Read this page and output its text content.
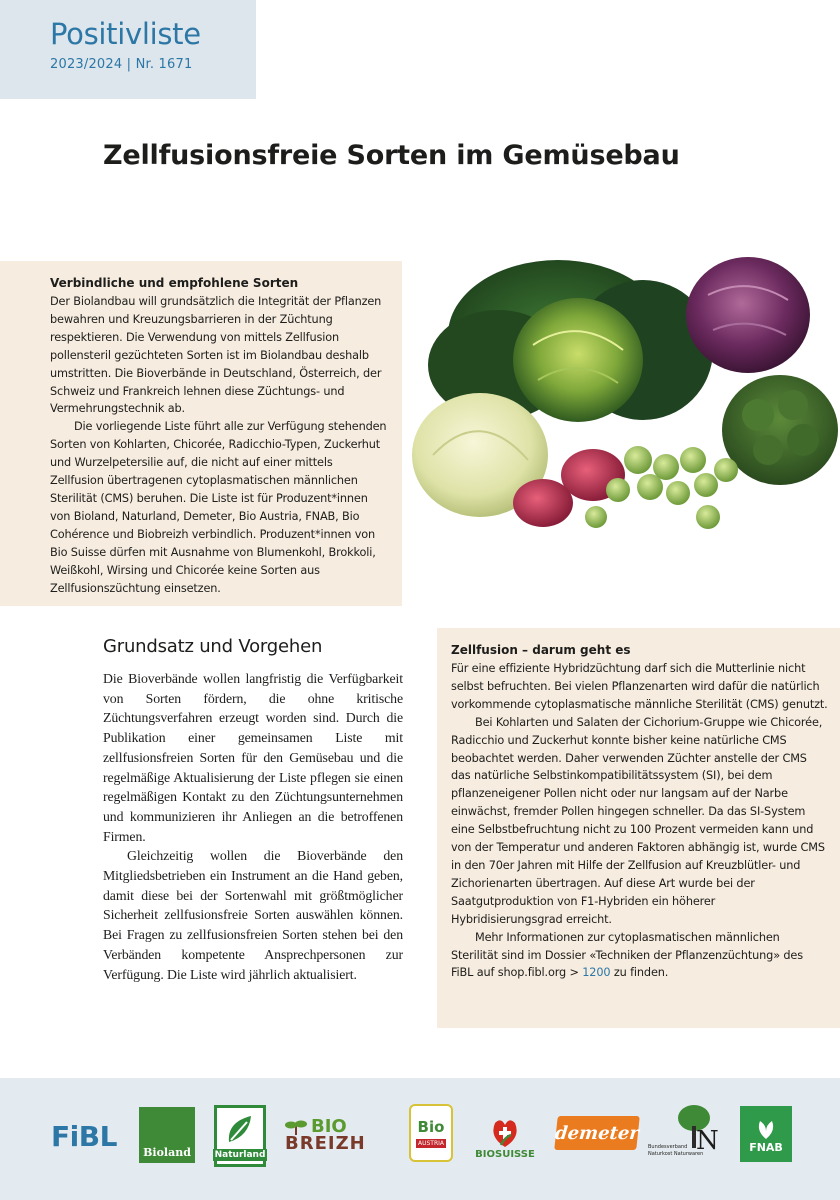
Positivliste
2023/2024 | Nr. 1671
Zellfusionsfreie Sorten im Gemüsebau
Verbindliche und empfohlene Sorten

Der Biolandbau will grundsätzlich die Integrität der Pflanzen bewahren und Kreuzungsbarrieren in der Züchtung respektieren. Die Verwendung von mittels Zellfusion pollensteril gezüchteten Sorten ist im Biolandbau deshalb umstritten. Die Bioverbände in Deutschland, Österreich, der Schweiz und Frankreich lehnen diese Züchtungs- und Vermehrungstechnik ab.

Die vorliegende Liste führt alle zur Verfügung stehenden Sorten von Kohlarten, Chicorée, Radicchio-Typen, Zuckerhut und Wurzelpetersilie auf, die nicht auf einer mittels Zellfusion übertragenen cytoplasmatischen männlichen Sterilität (CMS) beruhen. Die Liste ist für Produzent*innen von Bioland, Naturland, Demeter, Bio Austria, FNAB, Bio Cohérence und Biobreizh verbindlich. Produzent*innen von Bio Suisse dürfen mit Ausnahme von Blumenkohl, Brokkoli, Weißkohl, Wirsing und Chicorée keine Sorten aus Zellfusionszüchtung einsetzen.

Grundsatz und Vorgehen

Die Bioverbände wollen langfristig die Verfügbarkeit von Sorten fördern, die ohne kritische Züchtungsverfahren erzeugt worden sind. Durch die Publikation einer gemeinsamen Liste mit zellfusionsfreien Sorten für den Gemüsebau und die regelmäßige Aktualisierung der Liste pflegen sie einen regelmäßigen Kontakt zu den Züchtungsunternehmen und kommunizieren ihr Anliegen an die betroffenen Firmen.

Gleichzeitig wollen die Bioverbände den Mitgliedsbetrieben ein Instrument an die Hand geben, damit diese bei der Sortenwahl mit größtmöglicher Sicherheit zellfusionsfreie Sorten auswählen können. Bei Fragen zu zellfusionsfreien Sorten stehen bei den Verbänden kompetente Ansprechpersonen zur Verfügung. Die Liste wird jährlich aktualisiert.

Zellfusion – darum geht es

Für eine effiziente Hybridzüchtung darf sich die Mutterlinie nicht selbst befruchten. Bei vielen Pflanzenarten wird dafür die natürlich vorkommende cytoplasmatische männliche Sterilität (CMS) genutzt.

Bei Kohlarten und Salaten der Cichorium-Gruppe wie Chicorée, Radicchio und Zuckerhut konnte bisher keine natürliche CMS beobachtet werden. Daher verwenden Züchter anstelle der CMS das natürliche Selbstinkompatibilitätssystem (SI), bei dem pflanzeneigener Pollen nicht oder nur langsam auf der Narbe einwächst, fremder Pollen hingegen schneller. Da das SI-System eine Selbstbefruchtung nicht zu 100 Prozent vermeiden kann und von der Temperatur und anderen Faktoren abhängig ist, wurde CMS in den 70er Jahren mit Hilfe der Zellfusion auf Kreuzblütler- und Zichorienarten übertragen. Auf diese Art wurde bei der Saatgutproduktion von F1-Hybriden ein höherer Hybridisierungsgrad erreicht.

Mehr Informationen zur cytoplasmatischen männlichen Sterilität sind im Dossier «Techniken der Pflanzenzüchtung» des FiBL auf shop.fibl.org > 1200 zu finden.

FiBL Bioland	Naturland
BIO
BREIZH
Bio
AUSTRIA
BIOSUISSE
demeter N
Bundesverband
Naturkost Naturwaren
FNAB
